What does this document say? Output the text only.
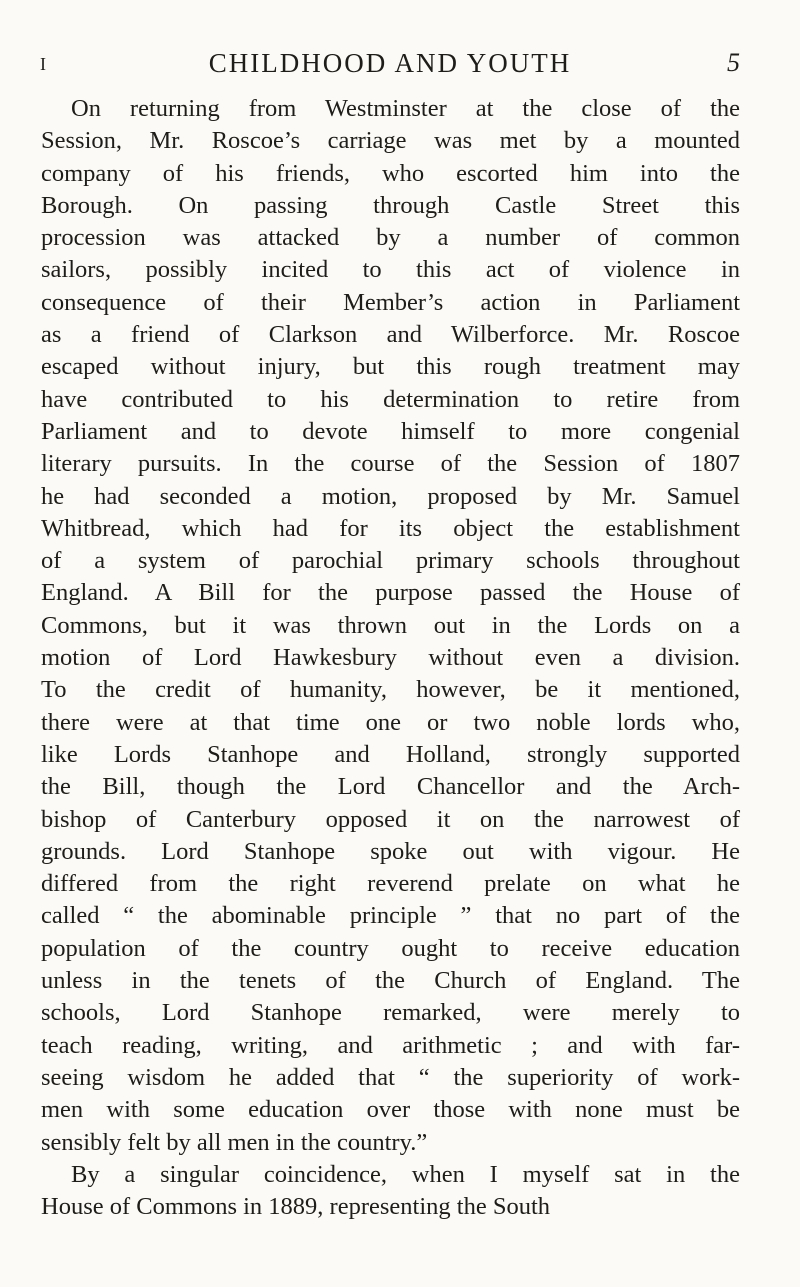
I	CHILDHOOD AND YOUTH	5
On returning from Westminster at the close of the
Session, Mr. Roscoe’s carriage was met by a mounted
company of his friends, who escorted him into the
Borough. On passing through Castle Street this
procession was attacked by a number of common
sailors, possibly incited to this act of violence in
consequence of their Member’s action in Parliament
as a friend of Clarkson and Wilberforce. Mr. Roscoe
escaped without injury, but this rough treatment may
have contributed to his determination to retire from
Parliament and to devote himself to more congenial
literary pursuits. In the course of the Session of 1807
he had seconded a motion, proposed by Mr. Samuel
Whitbread, which had for its object the establishment
of a system of parochial primary schools throughout
England. A Bill for the purpose passed the House of
Commons, but it was thrown out in the Lords on a
motion of Lord Hawkesbury without even a division.
To the credit of humanity, however, be it mentioned,
there were at that time one or two noble lords who,
like Lords Stanhope and Holland, strongly supported
the Bill, though the Lord Chancellor and the Arch-
bishop of Canterbury opposed it on the narrowest of
grounds. Lord Stanhope spoke out with vigour. He
differed from the right reverend prelate on what he
called “ the abominable principle ” that no part of the
population of the country ought to receive education
unless in the tenets of the Church of England. The
schools, Lord Stanhope remarked, were merely to
teach reading, writing, and arithmetic ; and with far-
seeing wisdom he added that “ the superiority of work-
men with some education over those with none must be
sensibly felt by all men in the country.”
By a singular coincidence, when I myself sat in the
House of Commons in 1889, representing the South
